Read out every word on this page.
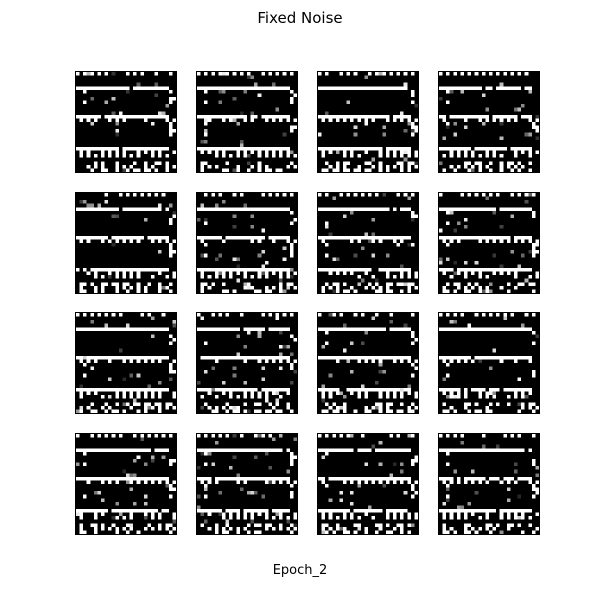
Fixed Noise
Epoch_2
